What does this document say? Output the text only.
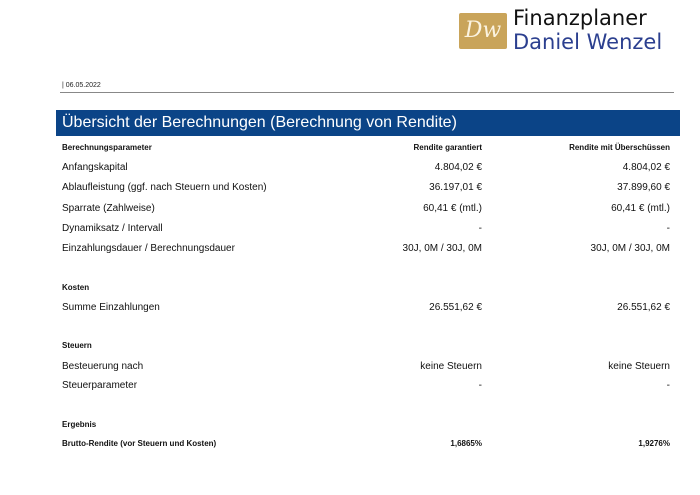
Dw Finanzplaner
Daniel Wenzel
| 06.05.2022
Übersicht der Berechnungen (Berechnung von Rendite)
Berechnungsparameter	Rendite garantiert	Rendite mit Überschüssen
Anfangskapital	4.804,02 €	4.804,02 €
Ablaufleistung (ggf. nach Steuern und Kosten)	36.197,01 €	37.899,60 €
Sparrate (Zahlweise)	60,41 € (mtl.)	60,41 € (mtl.)
Dynamiksatz / Intervall	-	-
Einzahlungsdauer / Berechnungsdauer	30J, 0M / 30J, 0M	30J, 0M / 30J, 0M
Kosten
Summe Einzahlungen	26.551,62 €	26.551,62 €
Steuern
Besteuerung nach	keine Steuern	keine Steuern
Steuerparameter	-	-
Ergebnis
Brutto-Rendite (vor Steuern und Kosten)	1,6865%	1,9276%
